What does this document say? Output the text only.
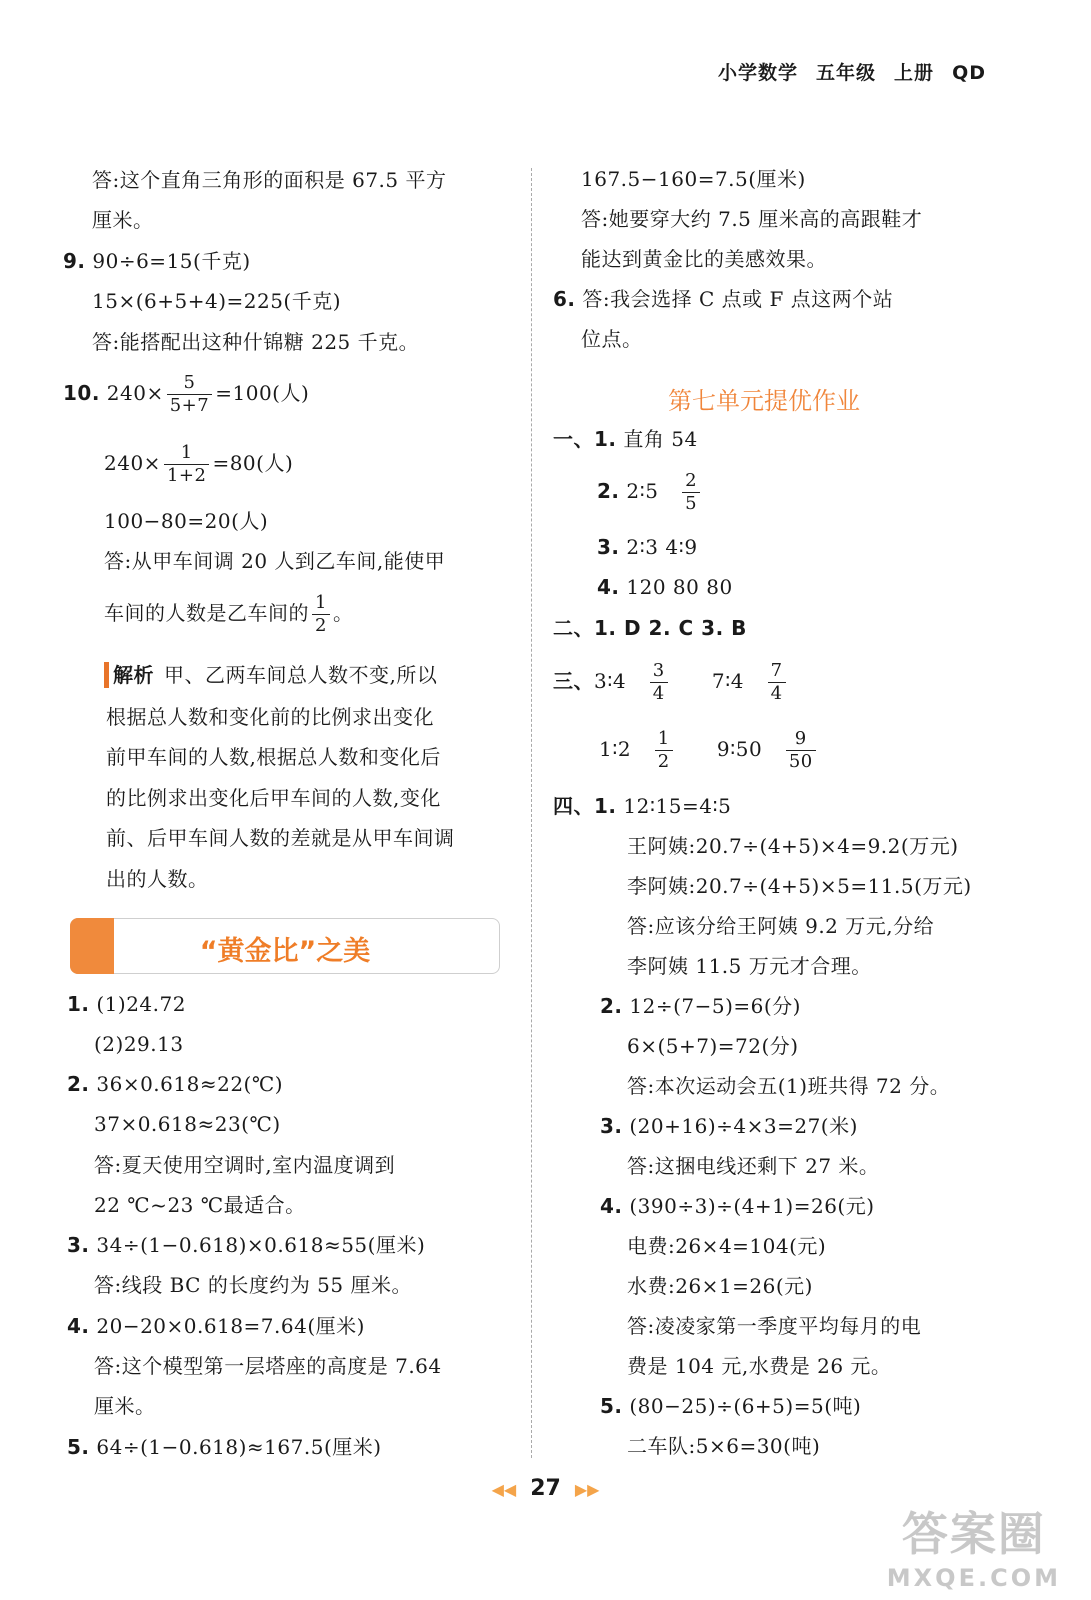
小学数学 五年级 上册 QD
答:这个直角三角形的面积是 67.5 平方
厘米。
9. 90÷6=15(千克)
15×(6+5+4)=225(千克)
答:能搭配出这种什锦糖 225 千克。
10. $240\times \frac{5}{5+7} =100$(人)
$240\times \frac{1}{1+2} =80$(人)
100−80=20(人)
答:从甲车间调 20 人到乙车间,能使甲
车间的人数是乙车间的 $\frac{1}{2}$ 。
解析 甲、乙两车间总人数不变,所以
根据总人数和变化前的比例求出变化
前甲车间的人数,根据总人数和变化后
的比例求出变化后甲车间的人数,变化
前、后甲车间人数的差就是从甲车间调
出的人数。
“黄金比”之美
1. (1)24.72
(2)29.13
2. 36×0.618≈22(℃)
37×0.618≈23(℃)
答:夏天使用空调时,室内温度调到
22 ℃~23 ℃最适合。
3. 34÷(1−0.618)×0.618≈55(厘米)
答:线段 BC 的长度约为 55 厘米。
4. 20−20×0.618=7.64(厘米)
答:这个模型第一层塔座的高度是 7.64
厘米。
5. 64÷(1−0.618)≈167.5(厘米)
167.5−160=7.5(厘米)
答:她要穿大约 7.5 厘米高的高跟鞋才
能达到黄金比的美感效果。
6. 答:我会选择 C 点或 F 点这两个站
位点。
第七单元提优作业
一、1. 直角 54
2. 2∶5 $\frac{2}{5}$
3. 2∶3 4∶9
4. 120 80 80
二、1. D 2. C 3. B
三、3∶4 $\frac{3}{4}$ 7∶4 $\frac{7}{4}$
1∶2 $\frac{1}{2}$ 9∶50 $\frac{9}{50}$
四、1. 12∶15=4∶5
王阿姨:20.7÷(4+5)×4=9.2(万元)
李阿姨:20.7÷(4+5)×5=11.5(万元)
答:应该分给王阿姨 9.2 万元,分给
李阿姨 11.5 万元才合理。
2. 12÷(7−5)=6(分)
6×(5+7)=72(分)
答:本次运动会五(1)班共得 72 分。
3. (20+16)÷4×3=27(米)
答:这捆电线还剩下 27 米。
4. (390÷3)÷(4+1)=26(元)
电费:26×4=104(元)
水费:26×1=26(元)
答:凌凌家第一季度平均每月的电
费是 104 元,水费是 26 元。
5. (80−25)÷(6+5)=5(吨)
二车队:5×6=30(吨)
◀◀ 27 ▶▶
答案圈
MXQE.COM
